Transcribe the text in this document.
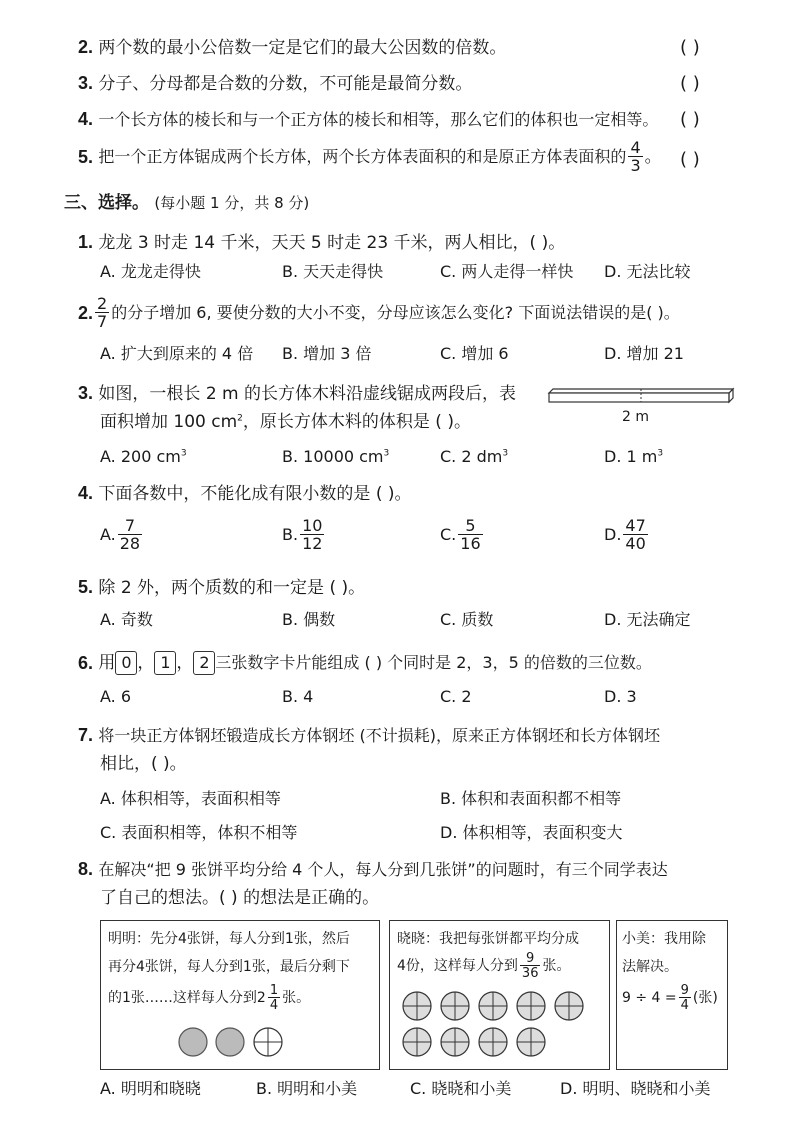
2. 两个数的最小公倍数一定是它们的最大公因数的倍数。	( )
3. 分子、分母都是合数的分数，不可能是最简分数。	( )
4. 一个长方体的棱长和与一个正方体的棱长和相等，那么它们的体积也一定相等。 ( )
5.
把一个正方体锯成两个长方体，两个长方体表面积的和是原正方体表面积的 $\frac{4}{3}$ 。 ( )
三、选择。 (每小题 1 分，共 8 分)
1. 龙龙 3 时走 14 千米，天天 5 时走 23 千米，两人相比，( )。
A. 龙龙走得快	B. 天天走得快	C. 两人走得一样快 D. 无法比较
2. $\frac{2}{7}$ 的分子增加 6, 要使分数的大小不变，分母应该怎么变化? 下面说法错误的是( )。
A. 扩大到原来的 4 倍 B. 增加 3 倍	C. 增加 6	D. 增加 21
3. 如图，一根长 2 m 的长方体木料沿虚线锯成两段后，表
面积增加 100 $cm^2$，原长方体木料的体积是 ( )。	2 m
A. 200 $cm^3$	B. 10000 $cm^3$	C. 2 $dm^3$	D. 1 $m^3$
4. 下面各数中，不能化成有限小数的是 ( )。
A. $\frac{7}{28}$	B. $\frac{10}{12}$	C. $\frac{5}{16}$	D. $\frac{47}{40}$
5. 除 2 外，两个质数的和一定是 ( )。
A. 奇数	B. 偶数	C. 质数	D. 无法确定
6.
用 0 ， 1 ， 2 三张数字卡片能组成 ( ) 个同时是 2，3，5 的倍数的三位数。
A. 6	B. 4	C. 2	D. 3
7. 将一块正方体钢坯锻造成长方体钢坯 (不计损耗)，原来正方体钢坯和长方体钢坯
相比，( )。
A. 体积相等，表面积相等	B. 体积和表面积都不相等
C. 表面积相等，体积不相等	D. 体积相等，表面积变大
8. 在解决“把 9 张饼平均分给 4 个人，每人分到几张饼”的问题时，有三个同学表达
了自己的想法。( ) 的想法是正确的。
明明：先分4张饼，每人分到1张，然后
再分4张饼，每人分到1张，最后分剩下
的1张……这样每人分到 $2 \frac{1}{4}$ 张。
晓晓：我把每张饼都平均分成
4份，这样每人分到 $\frac{9}{36}$ 张。
小美：我用除
法解决。
$9 \div 4 = \frac{9}{4}$ (张)
A. 明明和晓晓	B. 明明和小美	C. 晓晓和小美	D. 明明、晓晓和小美
